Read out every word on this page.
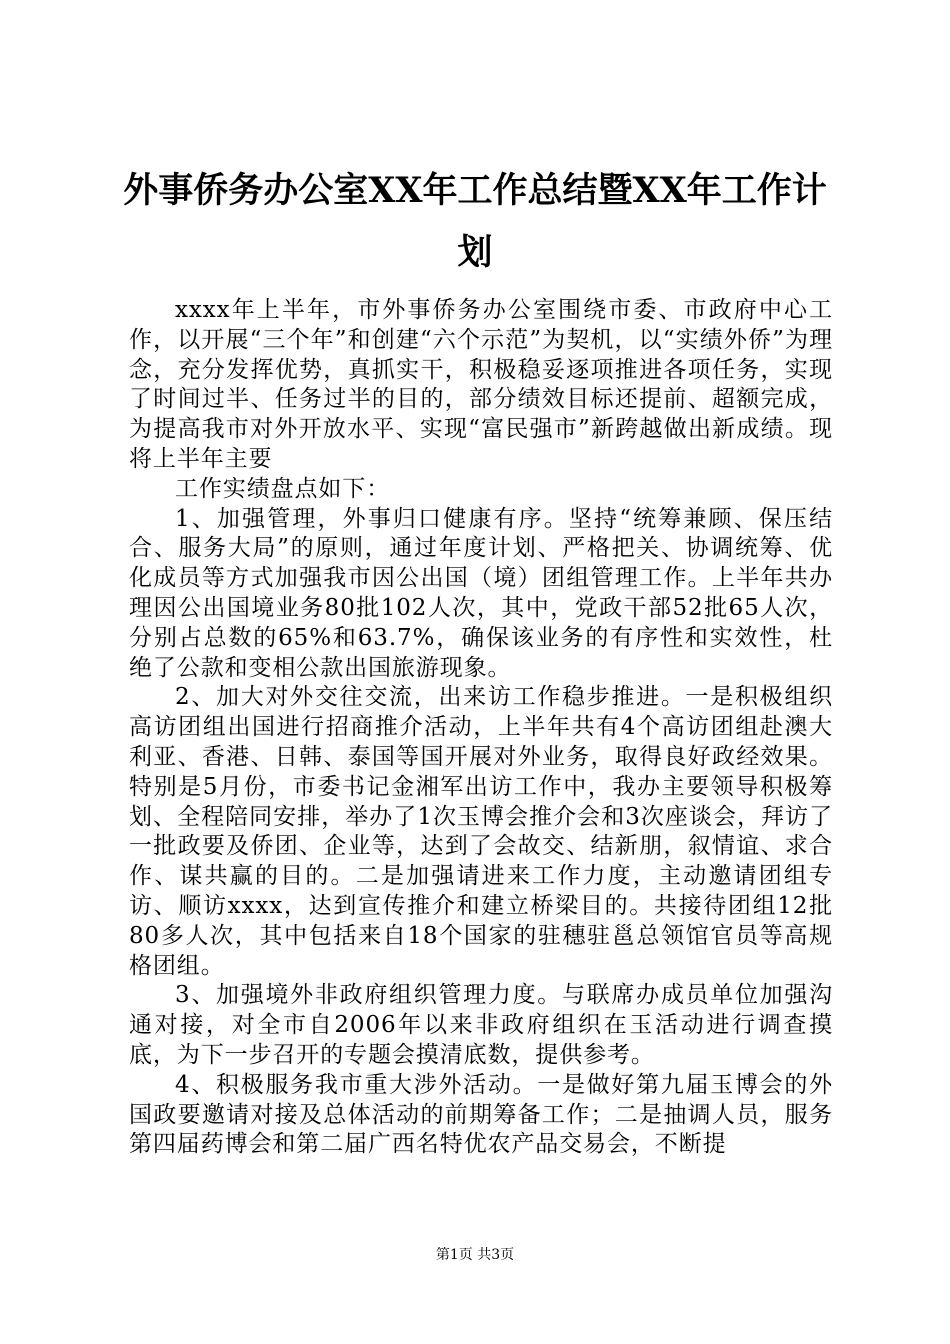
外事侨务办公室XX年工作总结暨XX年工作计划

xxxx年上半年，市外事侨务办公室围绕市委、市政府中心工作，以开展“三个年”和创建“六个示范”为契机，以“实绩外侨”为理念，充分发挥优势，真抓实干，积极稳妥逐项推进各项任务，实现了时间过半、任务过半的目的，部分绩效目标还提前、超额完成，为提高我市对外开放水平、实现“富民强市”新跨越做出新成绩。现将上半年主要

工作实绩盘点如下：

1、加强管理，外事归口健康有序。坚持“统筹兼顾、保压结合、服务大局”的原则，通过年度计划、严格把关、协调统筹、优化成员等方式加强我市因公出国（境）团组管理工作。上半年共办理因公出国境业务80批102人次，其中，党政干部52批65人次，分别占总数的65%和63.7%，确保该业务的有序性和实效性，杜绝了公款和变相公款出国旅游现象。

2、加大对外交往交流，出来访工作稳步推进。一是积极组织高访团组出国进行招商推介活动，上半年共有4个高访团组赴澳大利亚、香港、日韩、泰国等国开展对外业务，取得良好政经效果。特别是5月份，市委书记金湘军出访工作中，我办主要领导积极筹划、全程陪同安排，举办了1次玉博会推介会和3次座谈会，拜访了一批政要及侨团、企业等，达到了会故交、结新朋，叙情谊、求合作、谋共赢的目的。二是加强请进来工作力度，主动邀请团组专访、顺访xxxx，达到宣传推介和建立桥梁目的。共接待团组12批80多人次，其中包括来自18个国家的驻穗驻邕总领馆官员等高规格团组。

3、加强境外非政府组织管理力度。与联席办成员单位加强沟通对接，对全市自2006年以来非政府组织在玉活动进行调查摸底，为下一步召开的专题会摸清底数，提供参考。

4、积极服务我市重大涉外活动。一是做好第九届玉博会的外国政要邀请对接及总体活动的前期筹备工作；二是抽调人员，服务第四届药博会和第二届广西名特优农产品交易会，不断提

第1页 共3页
